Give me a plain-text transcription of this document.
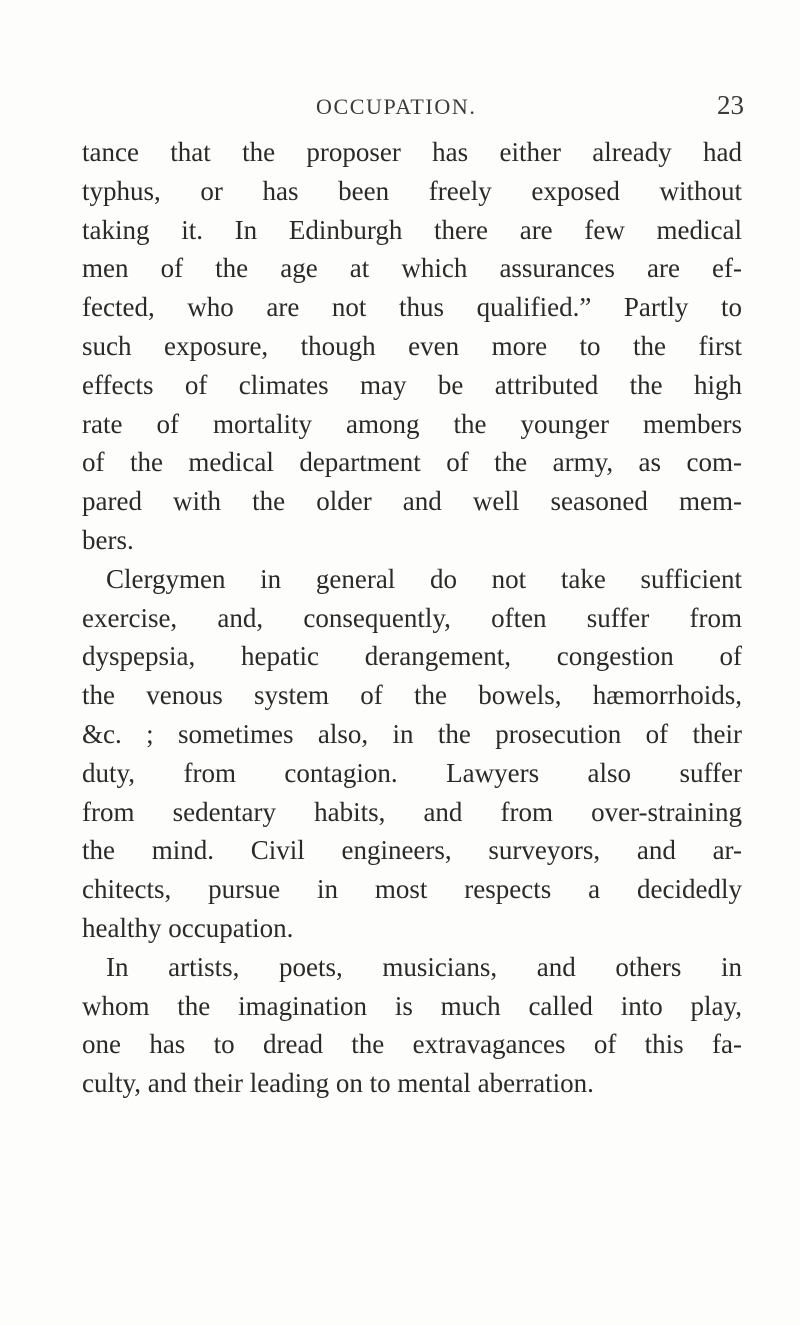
OCCUPATION.	23
tance that the proposer has either already had
typhus, or has been freely exposed without
taking it. In Edinburgh there are few medical
men of the age at which assurances are ef-
fected, who are not thus qualified.” Partly to
such exposure, though even more to the first
effects of climates may be attributed the high
rate of mortality among the younger members
of the medical department of the army, as com-
pared with the older and well seasoned mem-
bers.
Clergymen in general do not take sufficient
exercise, and, consequently, often suffer from
dyspepsia, hepatic derangement, congestion of
the venous system of the bowels, hæmorrhoids,
&c. ; sometimes also, in the prosecution of their
duty, from contagion. Lawyers also suffer
from sedentary habits, and from over-straining
the mind. Civil engineers, surveyors, and ar-
chitects, pursue in most respects a decidedly
healthy occupation.
In artists, poets, musicians, and others in
whom the imagination is much called into play,
one has to dread the extravagances of this fa-
culty, and their leading on to mental aberration.
